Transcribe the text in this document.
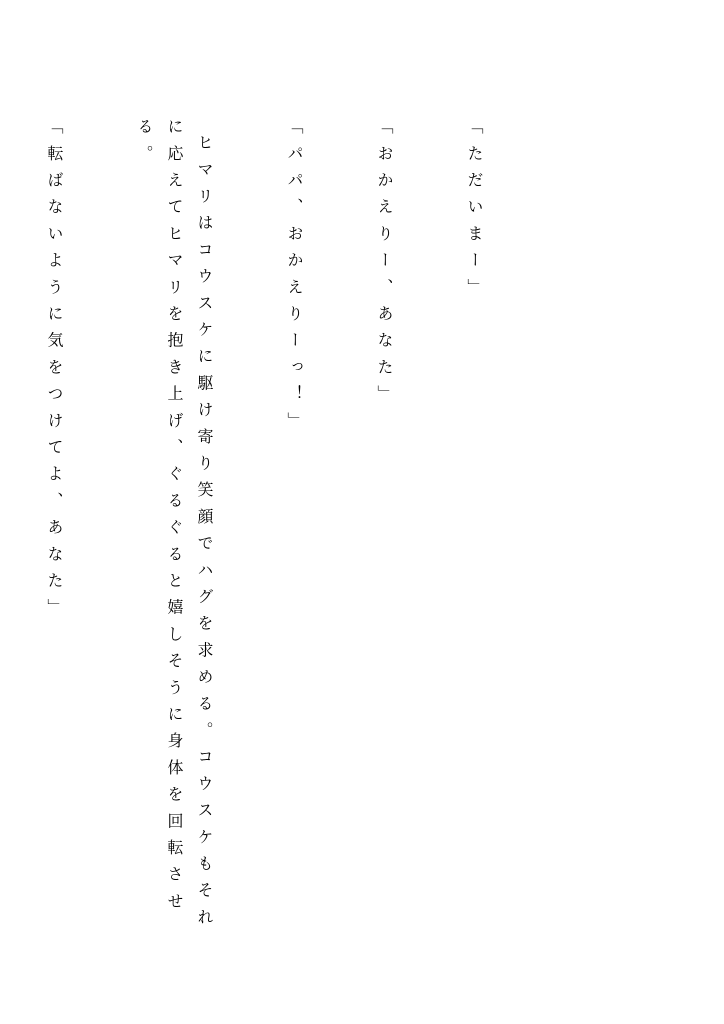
「ただいまー」

「おかえりー、あなた」

「パパ、おかえりーっ！」

ヒマリはコウスケに駆け寄り笑顔でハグを求める。コウスケもそれに応えてヒマリを抱き上げ、ぐるぐると嬉しそうに身体を回転させる。

「転ばないように気をつけてよ、あなた」
